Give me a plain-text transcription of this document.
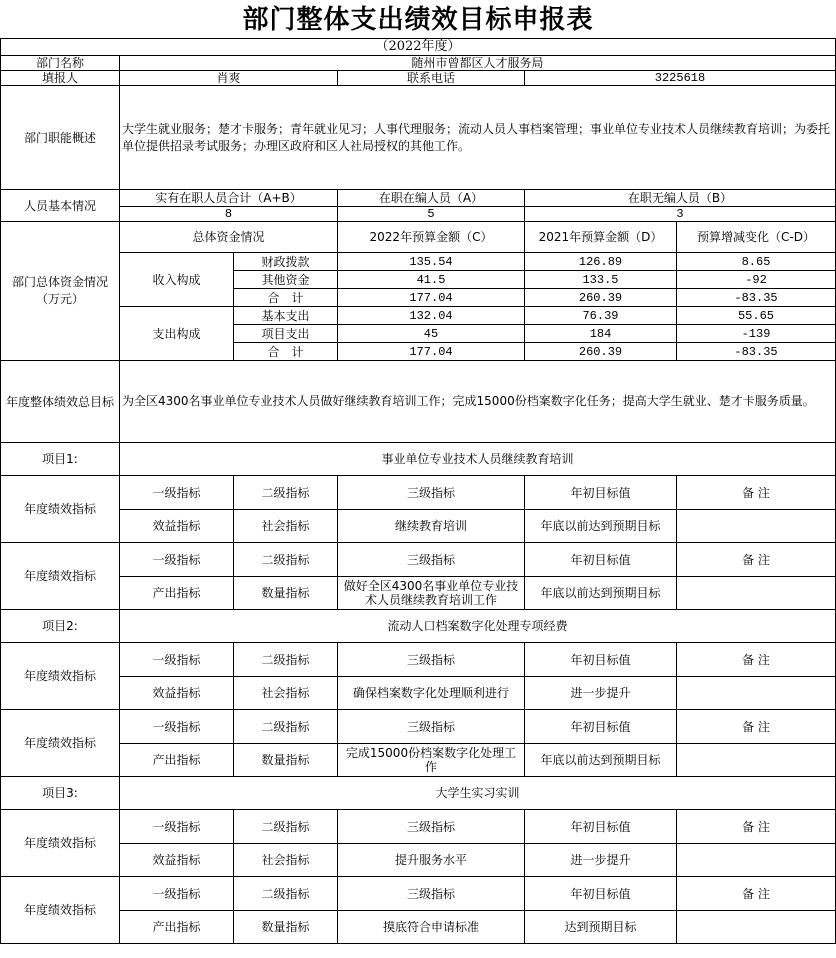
部门整体支出绩效目标申报表
（2022年度）					
部门名称	随州市曾都区人才服务局				
填报人	肖爽		联系电话	3225618	
部门职能概述	大学生就业服务；楚才卡服务；青年就业见习；人事代理服务；流动人员人事档案管理；事业单位专业技术人员继续教育培训；为委托单位提供招录考试服务；办理区政府和区人社局授权的其他工作。				
人员基本情况	实有在职人员合计（A+B）		在职在编人员（A）	在职无编人员（B）	
	8		5	3	
部门总体资金情况（万元）	总体资金情况		2022年预算金额（C）	2021年预算金额（D）	预算增减变化（C-D）
	收入构成	财政拨款	135.54	126.89	8.65
		其他资金	41.5	133.5	-92
		合　计	177.04	260.39	-83.35
	支出构成	基本支出	132.04	76.39	55.65
		项目支出	45	184	-139
		合　计	177.04	260.39	-83.35
年度整体绩效总目标	为全区4300名事业单位专业技术人员做好继续教育培训工作；完成15000份档案数字化任务；提高大学生就业、楚才卡服务质量。				
项目1:	事业单位专业技术人员继续教育培训				
年度绩效指标	一级指标	二级指标	三级指标	年初目标值	备 注
	效益指标	社会指标	继续教育培训	年底以前达到预期目标	
年度绩效指标	一级指标	二级指标	三级指标	年初目标值	备 注
	产出指标	数量指标	做好全区4300名事业单位专业技术人员继续教育培训工作	年底以前达到预期目标	
项目2:	流动人口档案数字化处理专项经费				
年度绩效指标	一级指标	二级指标	三级指标	年初目标值	备 注
	效益指标	社会指标	确保档案数字化处理顺利进行	进一步提升	
年度绩效指标	一级指标	二级指标	三级指标	年初目标值	备 注
	产出指标	数量指标	完成15000份档案数字化处理工作	年底以前达到预期目标	
项目3:	大学生实习实训				
年度绩效指标	一级指标	二级指标	三级指标	年初目标值	备 注
	效益指标	社会指标	提升服务水平	进一步提升	
年度绩效指标	一级指标	二级指标	三级指标	年初目标值	备 注
	产出指标	数量指标	摸底符合申请标准	达到预期目标	
